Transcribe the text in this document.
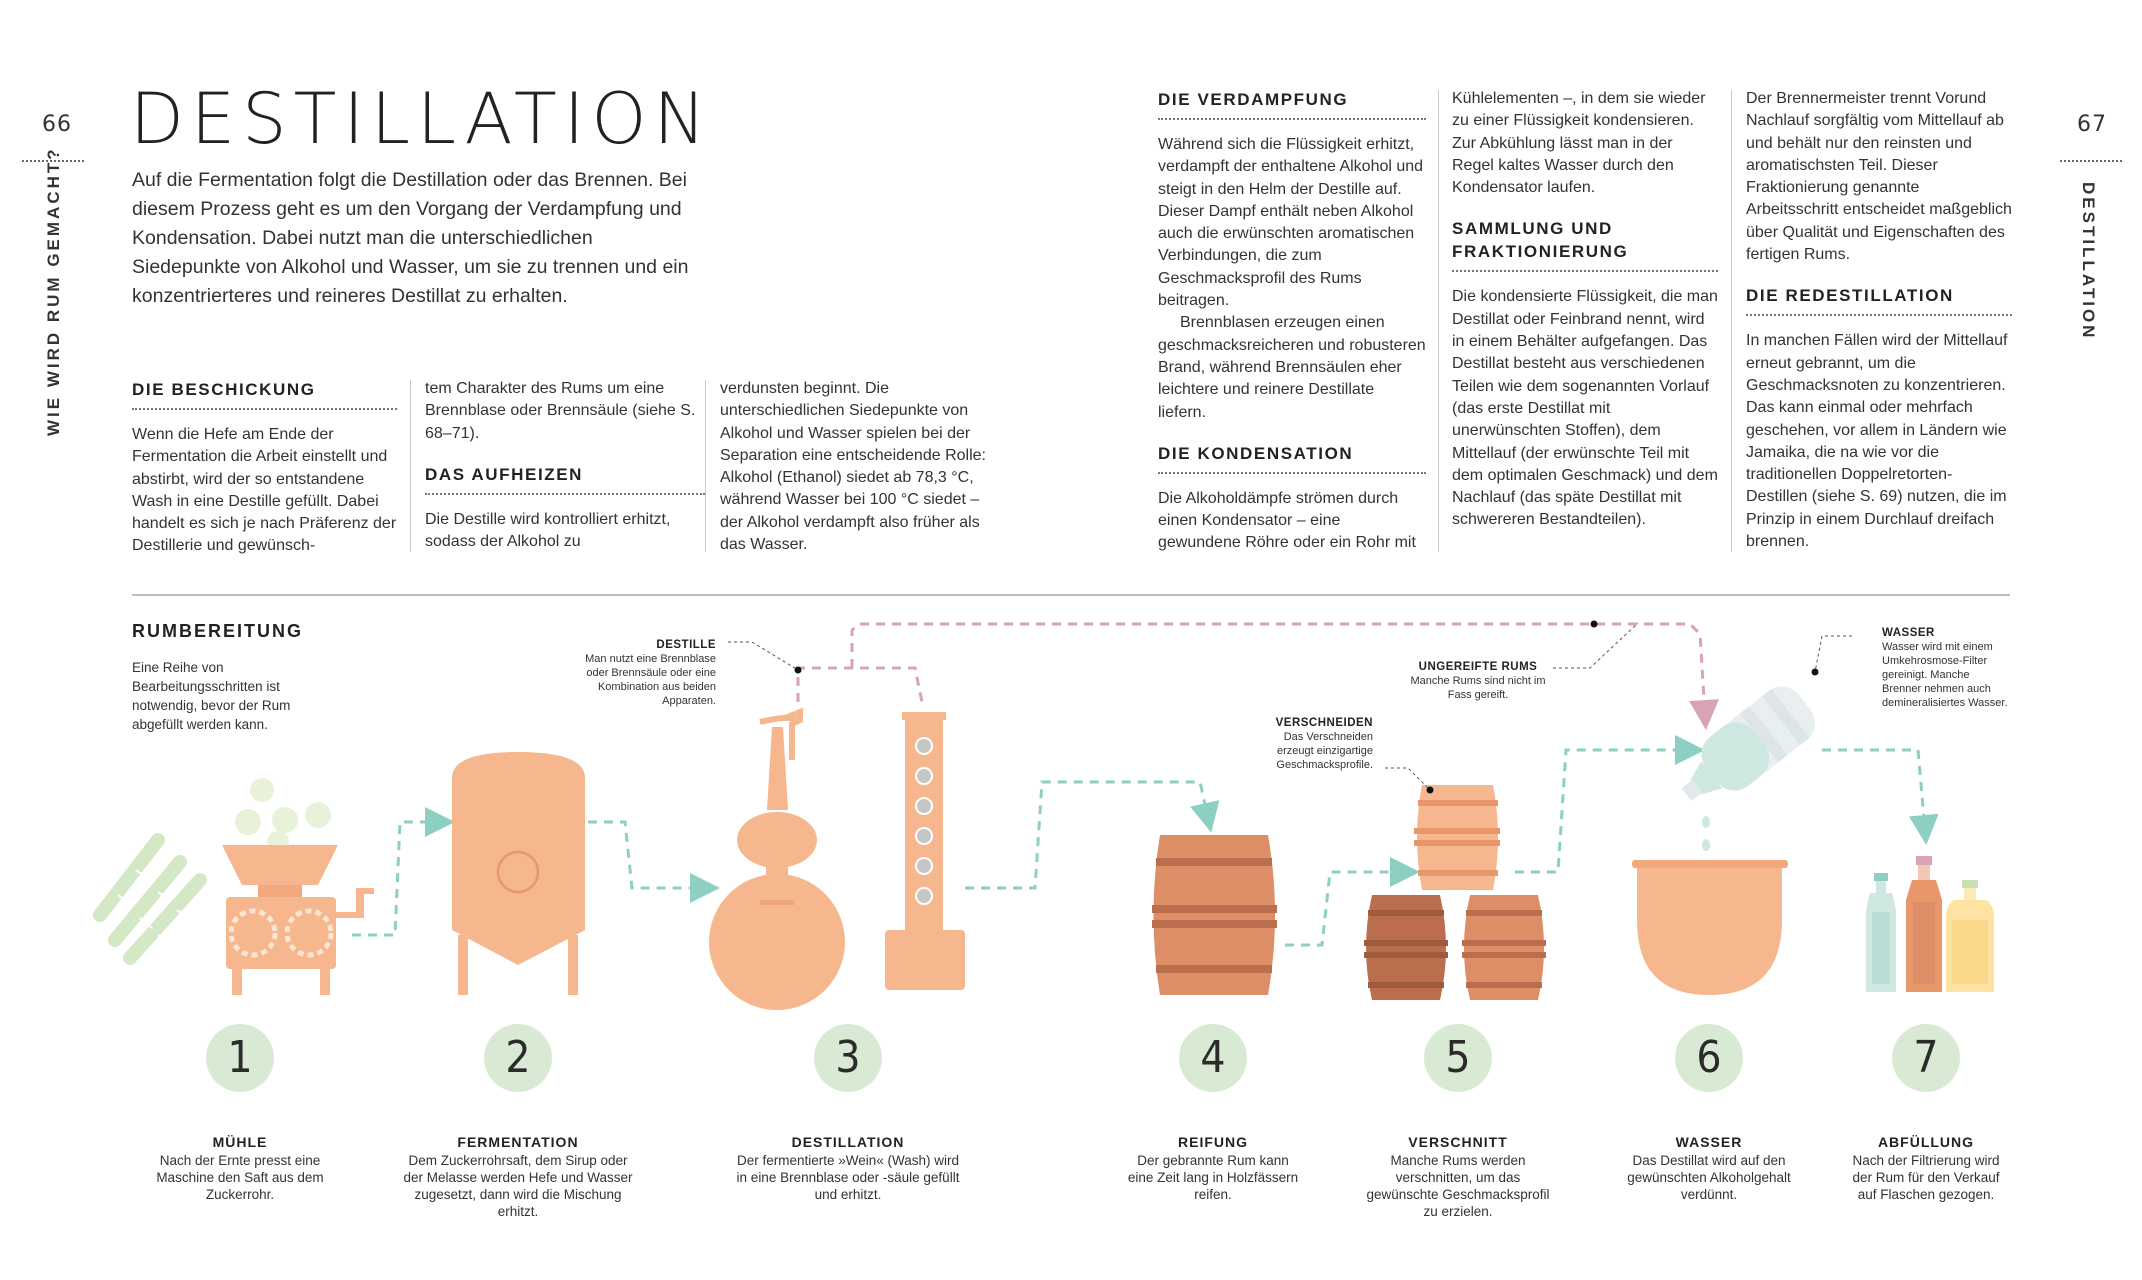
66	67
WIE WIRD RUM GEMACHT?	DESTILLATION
DESTILLATION

Auf die Fermentation folgt die Destillation oder das Brennen. Bei diesem Prozess geht es um den Vorgang der Verdampfung und Kondensation. Dabei nutzt man die unterschiedlichen Siedepunkte von Alkohol und Wasser, um sie zu trennen und ein konzentrierteres und reineres Destillat zu erhalten.

DIE BESCHICKUNG

Wenn die Hefe am Ende der Fermentation die Arbeit einstellt und abstirbt, wird der so entstandene Wash in eine Destille gefüllt. Dabei handelt es sich je nach Präferenz der Destillerie und gewünsch-

tem Charakter des Rums um eine Brennblase oder Brennsäule (siehe S. 68–71).

DAS AUFHEIZEN

Die Destille wird kontrolliert erhitzt, sodass der Alkohol zu

verdunsten beginnt. Die unterschiedlichen Siedepunkte von Alkohol und Wasser spielen bei der Separation eine entscheidende Rolle: Alkohol (Ethanol) siedet ab 78,3 °C, während Wasser bei 100 °C siedet – der Alkohol verdampft also früher als das Wasser.

DIE VERDAMPFUNG

Während sich die Flüssigkeit erhitzt, verdampft der enthaltene Alkohol und steigt in den Helm der Destille auf. Dieser Dampf enthält neben Alkohol auch die erwünschten aromatischen Verbindungen, die zum Geschmacksprofil des Rums beitragen.

Brennblasen erzeugen einen geschmacksreicheren und robusteren Brand, während Brennsäulen eher leichtere und reinere Destillate liefern.

DIE KONDENSATION

Die Alkoholdämpfe strömen durch einen Kondensator – eine gewundene Röhre oder ein Rohr mit

Kühlelementen –, in dem sie wieder zu einer Flüssigkeit kondensieren. Zur Abkühlung lässt man in der Regel kaltes Wasser durch den Kondensator laufen.

SAMMLUNG UND FRAKTIONIERUNG

Die kondensierte Flüssigkeit, die man Destillat oder Feinbrand nennt, wird in einem Behälter aufgefangen. Das Destillat besteht aus verschiedenen Teilen wie dem sogenannten Vorlauf (das erste Destillat mit unerwünschten Stoffen), dem Mittellauf (der erwünschte Teil mit dem optimalen Geschmack) und dem Nachlauf (das späte Destillat mit schwereren Bestandteilen).

Der Brennermeister trennt Vorund Nachlauf sorgfältig vom Mittellauf ab und behält nur den reinsten und aromatischsten Teil. Dieser Fraktionierung genannte Arbeitsschritt entscheidet maßgeblich über Qualität und Eigenschaften des fertigen Rums.

DIE REDESTILLATION

In manchen Fällen wird der Mittellauf erneut gebrannt, um die Geschmacksnoten zu konzentrieren. Das kann einmal oder mehrfach geschehen, vor allem in Ländern wie Jamaika, die na wie vor die traditionellen Doppelretorten-Destillen (siehe S. 69) nutzen, die im Prinzip in einem Durchlauf dreifach brennen.

RUMBEREITUNG

Eine Reihe von Bearbeitungsschritten ist notwendig, bevor der Rum abgefüllt werden kann.

DESTILLE
Man nutzt eine Brennblase oder Brennsäule oder eine Kombination aus beiden Apparaten.
UNGEREIFTE RUMS
Manche Rums sind nicht im Fass gereift.
VERSCHNEIDEN
Das Verschneiden erzeugt einzigartige Geschmacksprofile.
WASSER
Wasser wird mit einem Umkehrosmose-Filter gereinigt. Manche Brenner nehmen auch demineralisiertes Wasser.
1
MÜHLE
Nach der Ernte presst eine Maschine den Saft aus dem Zuckerrohr.
2
FERMENTATION
Dem Zuckerrohrsaft, dem Sirup oder der Melasse werden Hefe und Wasser zugesetzt, dann wird die Mischung erhitzt.
3
DESTILLATION
Der fermentierte »Wein« (Wash) wird in eine Brennblase oder -säule gefüllt und erhitzt.
4
REIFUNG
Der gebrannte Rum kann eine Zeit lang in Holzfässern reifen.
5
VERSCHNITT
Manche Rums werden verschnitten, um das gewünschte Geschmacksprofil zu erzielen.
6
WASSER
Das Destillat wird auf den gewünschten Alkoholgehalt verdünnt.
7
ABFÜLLUNG
Nach der Filtrierung wird der Rum für den Verkauf auf Flaschen gezogen.
